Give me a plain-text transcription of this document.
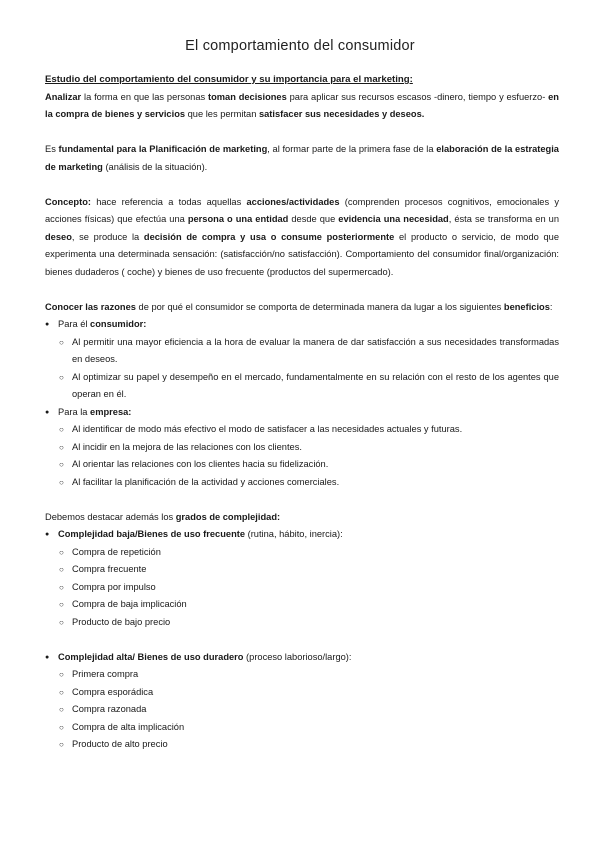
El comportamiento del consumidor

Estudio del comportamiento del consumidor y su importancia para el marketing:

Analizar la forma en que las personas toman decisiones para aplicar sus recursos escasos -dinero, tiempo y esfuerzo- en la compra de bienes y servicios que les permitan satisfacer sus necesidades y deseos.

Es fundamental para la Planificación de marketing, al formar parte de la primera fase de la elaboración de la estrategia de marketing (análisis de la situación).

Concepto: hace referencia a todas aquellas acciones/actividades (comprenden procesos cognitivos, emocionales y acciones físicas) que efectúa una persona o una entidad desde que evidencia una necesidad, ésta se transforma en un deseo, se produce la decisión de compra y usa o consume posteriormente el producto o servicio, de modo que experimenta una determinada sensación: (satisfacción/no satisfacción). Comportamiento del consumidor final/organización: bienes dudaderos ( coche) y bienes de uso frecuente (productos del supermercado).

Conocer las razones de por qué el consumidor se comporta de determinada manera da lugar a los siguientes beneficios:

● Para él consumidor:
○ Al permitir una mayor eficiencia a la hora de evaluar la manera de dar satisfacción a sus necesidades transformadas en deseos.
○ Al optimizar su papel y desempeño en el mercado, fundamentalmente en su relación con el resto de los agentes que operan en él.
● Para la empresa:
○ Al identificar de modo más efectivo el modo de satisfacer a las necesidades actuales y futuras.
○ Al incidir en la mejora de las relaciones con los clientes.
○ Al orientar las relaciones con los clientes hacia su fidelización.
○ Al facilitar la planificación de la actividad y acciones comerciales.

Debemos destacar además los grados de complejidad:

● Complejidad baja/Bienes de uso frecuente (rutina, hábito, inercia):
○ Compra de repetición
○ Compra frecuente
○ Compra por impulso
○ Compra de baja implicación
○ Producto de bajo precio
● Complejidad alta/ Bienes de uso duradero (proceso laborioso/largo):
○ Primera compra
○ Compra esporádica
○ Compra razonada
○ Compra de alta implicación
○ Producto de alto precio
